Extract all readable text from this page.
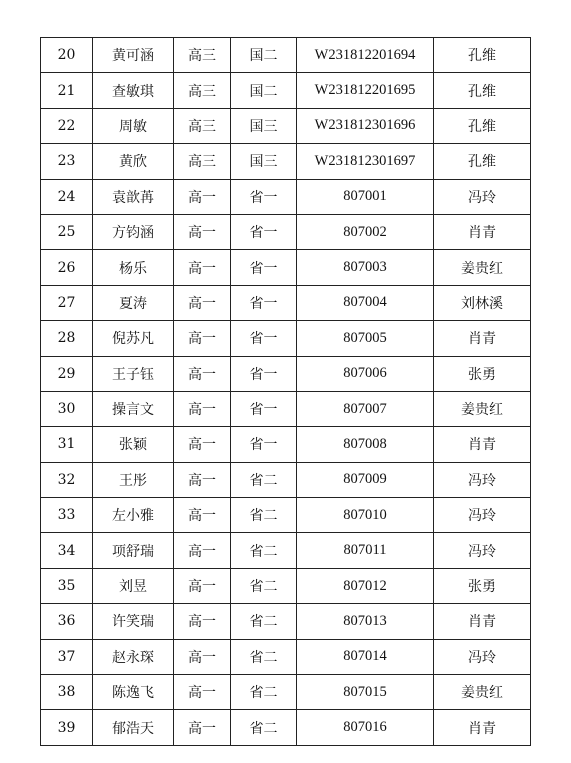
20	黄可涵	高三	国二	W231812201694	孔维
21	查敏琪	高三	国二	W231812201695	孔维
22	周敏	高三	国三	W231812301696	孔维
23	黄欣	高三	国三	W231812301697	孔维
24	袁歆苒	高一	省一	807001	冯玲
25	方钧涵	高一	省一	807002	肖青
26	杨乐	高一	省一	807003	姜贵红
27	夏涛	高一	省一	807004	刘林溪
28	倪苏凡	高一	省一	807005	肖青
29	王子钰	高一	省一	807006	张勇
30	操言文	高一	省一	807007	姜贵红
31	张颖	高一	省一	807008	肖青
32	王彤	高一	省二	807009	冯玲
33	左小雅	高一	省二	807010	冯玲
34	项舒瑞	高一	省二	807011	冯玲
35	刘昱	高一	省二	807012	张勇
36	许笑瑞	高一	省二	807013	肖青
37	赵永琛	高一	省二	807014	冯玲
38	陈逸飞	高一	省二	807015	姜贵红
39	郁浩天	高一	省二	807016	肖青
